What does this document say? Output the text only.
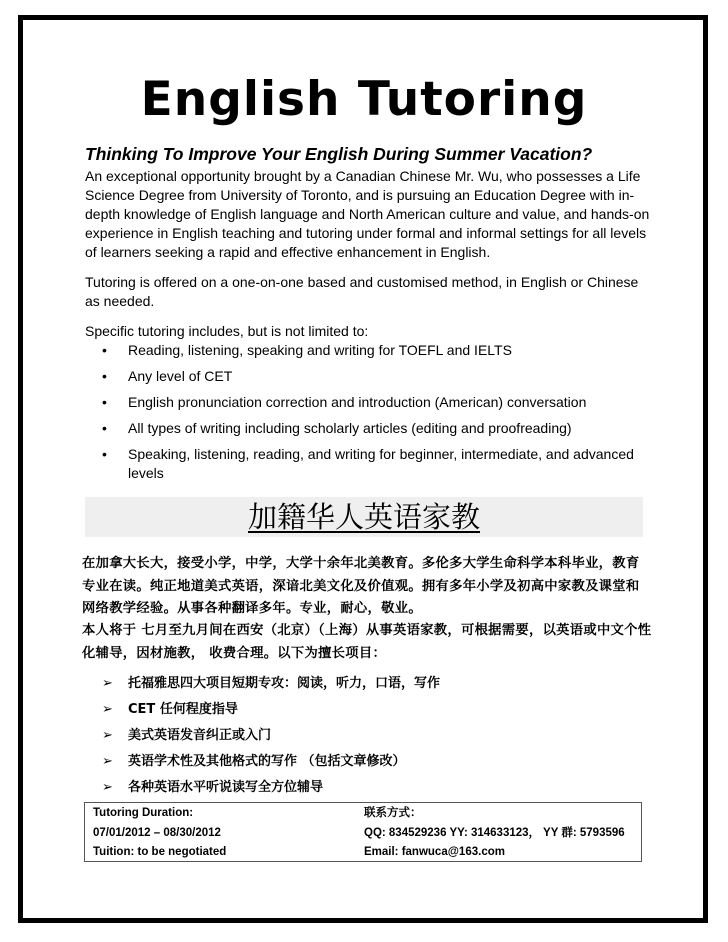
English Tutoring
Thinking To Improve Your English During Summer Vacation?
An exceptional opportunity brought by a Canadian Chinese Mr. Wu, who possesses a Life Science Degree from University of Toronto, and is pursuing an Education Degree with in-depth knowledge of English language and North American culture and value, and hands-on experience in English teaching and tutoring under formal and informal settings for all levels of learners seeking a rapid and effective enhancement in English.
Tutoring is offered on a one-on-one based and customised method, in English or Chinese as needed.
Specific tutoring includes, but is not limited to:
• Reading, listening, speaking and writing for TOEFL and IELTS
• Any level of CET
• English pronunciation correction and introduction (American) conversation
• All types of writing including scholarly articles (editing and proofreading)
• Speaking, listening, reading, and writing for beginner, intermediate, and advanced levels
加籍华人英语家教
在加拿大长大，接受小学，中学，大学十余年北美教育。多伦多大学生命科学本科毕业，教育专业在读。纯正地道美式英语，深谙北美文化及价值观。拥有多年小学及初高中家教及课堂和网络教学经验。从事各种翻译多年。专业，耐心，敬业。
本人将于 七月至九月间在西安（北京）（上海）从事英语家教，可根据需要，以英语或中文个性化辅导，因材施教， 收费合理。以下为擅长项目：
➢ 托福雅思四大项目短期专攻：阅读，听力，口语，写作
➢ CET 任何程度指导
➢ 美式英语发音纠正或入门
➢ 英语学术性及其他格式的写作 （包括文章修改）
➢ 各种英语水平听说读写全方位辅导
Tutoring Duration:
07/01/2012 – 08/30/2012
Tuition: to be negotiated
联系方式：
QQ: 834529236 YY: 314633123， YY 群: 5793596
Email: fanwuca@163.com
